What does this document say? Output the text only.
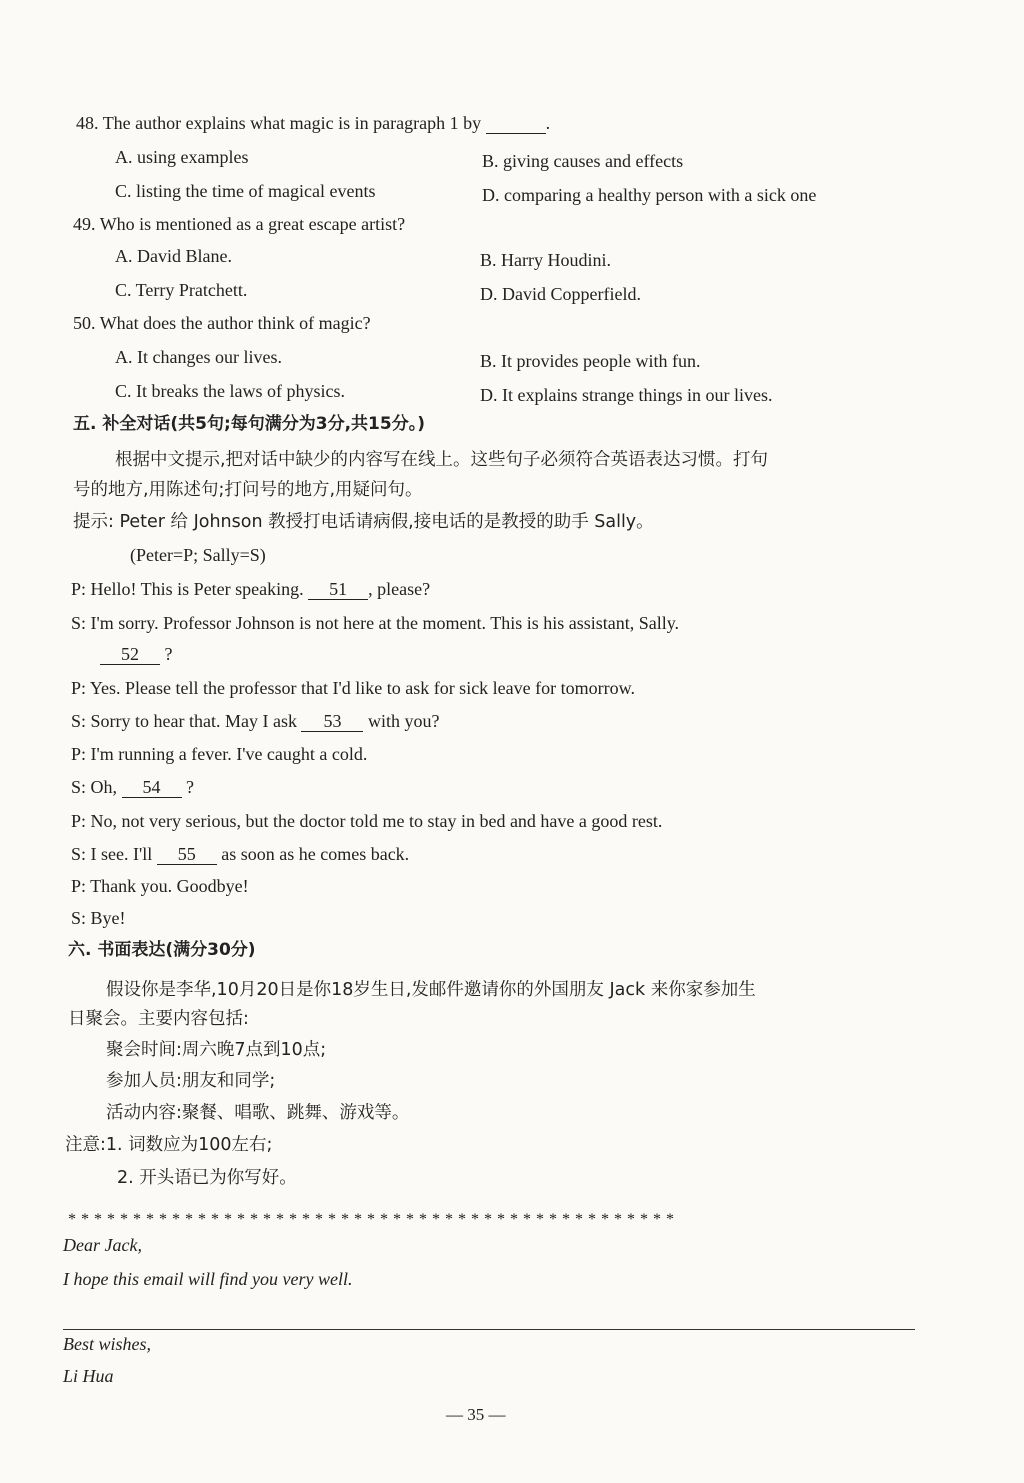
48. The author explains what magic is in paragraph 1 by	.
A. using examples	B. giving causes and effects
C. listing the time of magical events	D. comparing a healthy person with a sick one
49. Who is mentioned as a great escape artist?
A. David Blane.	B. Harry Houdini.
C. Terry Pratchett.	D. David Copperfield.
50. What does the author think of magic?
A. It changes our lives.	B. It provides people with fun.
C. It breaks the laws of physics.	D. It explains strange things in our lives.
五. 补全对话(共5句;每句满分为3分,共15分。)
根据中文提示,把对话中缺少的内容写在线上。这些句子必须符合英语表达习惯。打句
号的地方,用陈述句;打问号的地方,用疑问句。
提示: Peter 给 Johnson 教授打电话请病假,接电话的是教授的助手 Sally。
(Peter=P; Sally=S)
P: Hello! This is Peter speaking. 51 , please?
S: I'm sorry. Professor Johnson is not here at the moment. This is his assistant, Sally.
52 ?
P: Yes. Please tell the professor that I'd like to ask for sick leave for tomorrow.
S: Sorry to hear that. May I ask 53 with you?
P: I'm running a fever. I've caught a cold.
S: Oh, 54 ?
P: No, not very serious, but the doctor told me to stay in bed and have a good rest.
S: I see. I'll 55 as soon as he comes back.
P: Thank you. Goodbye!
S: Bye!
六. 书面表达(满分30分)
假设你是李华,10月20日是你18岁生日,发邮件邀请你的外国朋友 Jack 来你家参加生
日聚会。主要内容包括:
聚会时间:周六晚7点到10点;
参加人员:朋友和同学;
活动内容:聚餐、唱歌、跳舞、游戏等。
注意:1. 词数应为100左右;
2. 开头语已为你写好。
* * * * * * * * * * * * * * * * * * * * * * * * * * * * * * * * * * * * * * * * * * * * * * *
Dear Jack,
I hope this email will find you very well.
Best wishes,
Li Hua
— 35 —
